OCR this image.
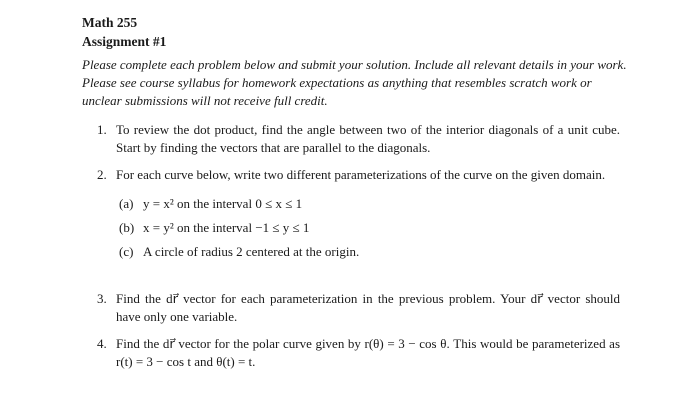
Math 255
Assignment #1
Please complete each problem below and submit your solution. Include all relevant details in your work. Please see course syllabus for homework expectations as anything that resembles scratch work or unclear submissions will not receive full credit.
1. To review the dot product, find the angle between two of the interior diagonals of a unit cube. Start by finding the vectors that are parallel to the diagonals.
2. For each curve below, write two different parameterizations of the curve on the given domain.
(a) y = x² on the interval 0 ≤ x ≤ 1
(b) x = y² on the interval −1 ≤ y ≤ 1
(c) A circle of radius 2 centered at the origin.
3. Find the dr⃗ vector for each parameterization in the previous problem. Your dr⃗ vector should have only one variable.
4. Find the dr⃗ vector for the polar curve given by r(θ) = 3 − cos θ. This would be parameterized as r(t) = 3 − cos t and θ(t) = t.
